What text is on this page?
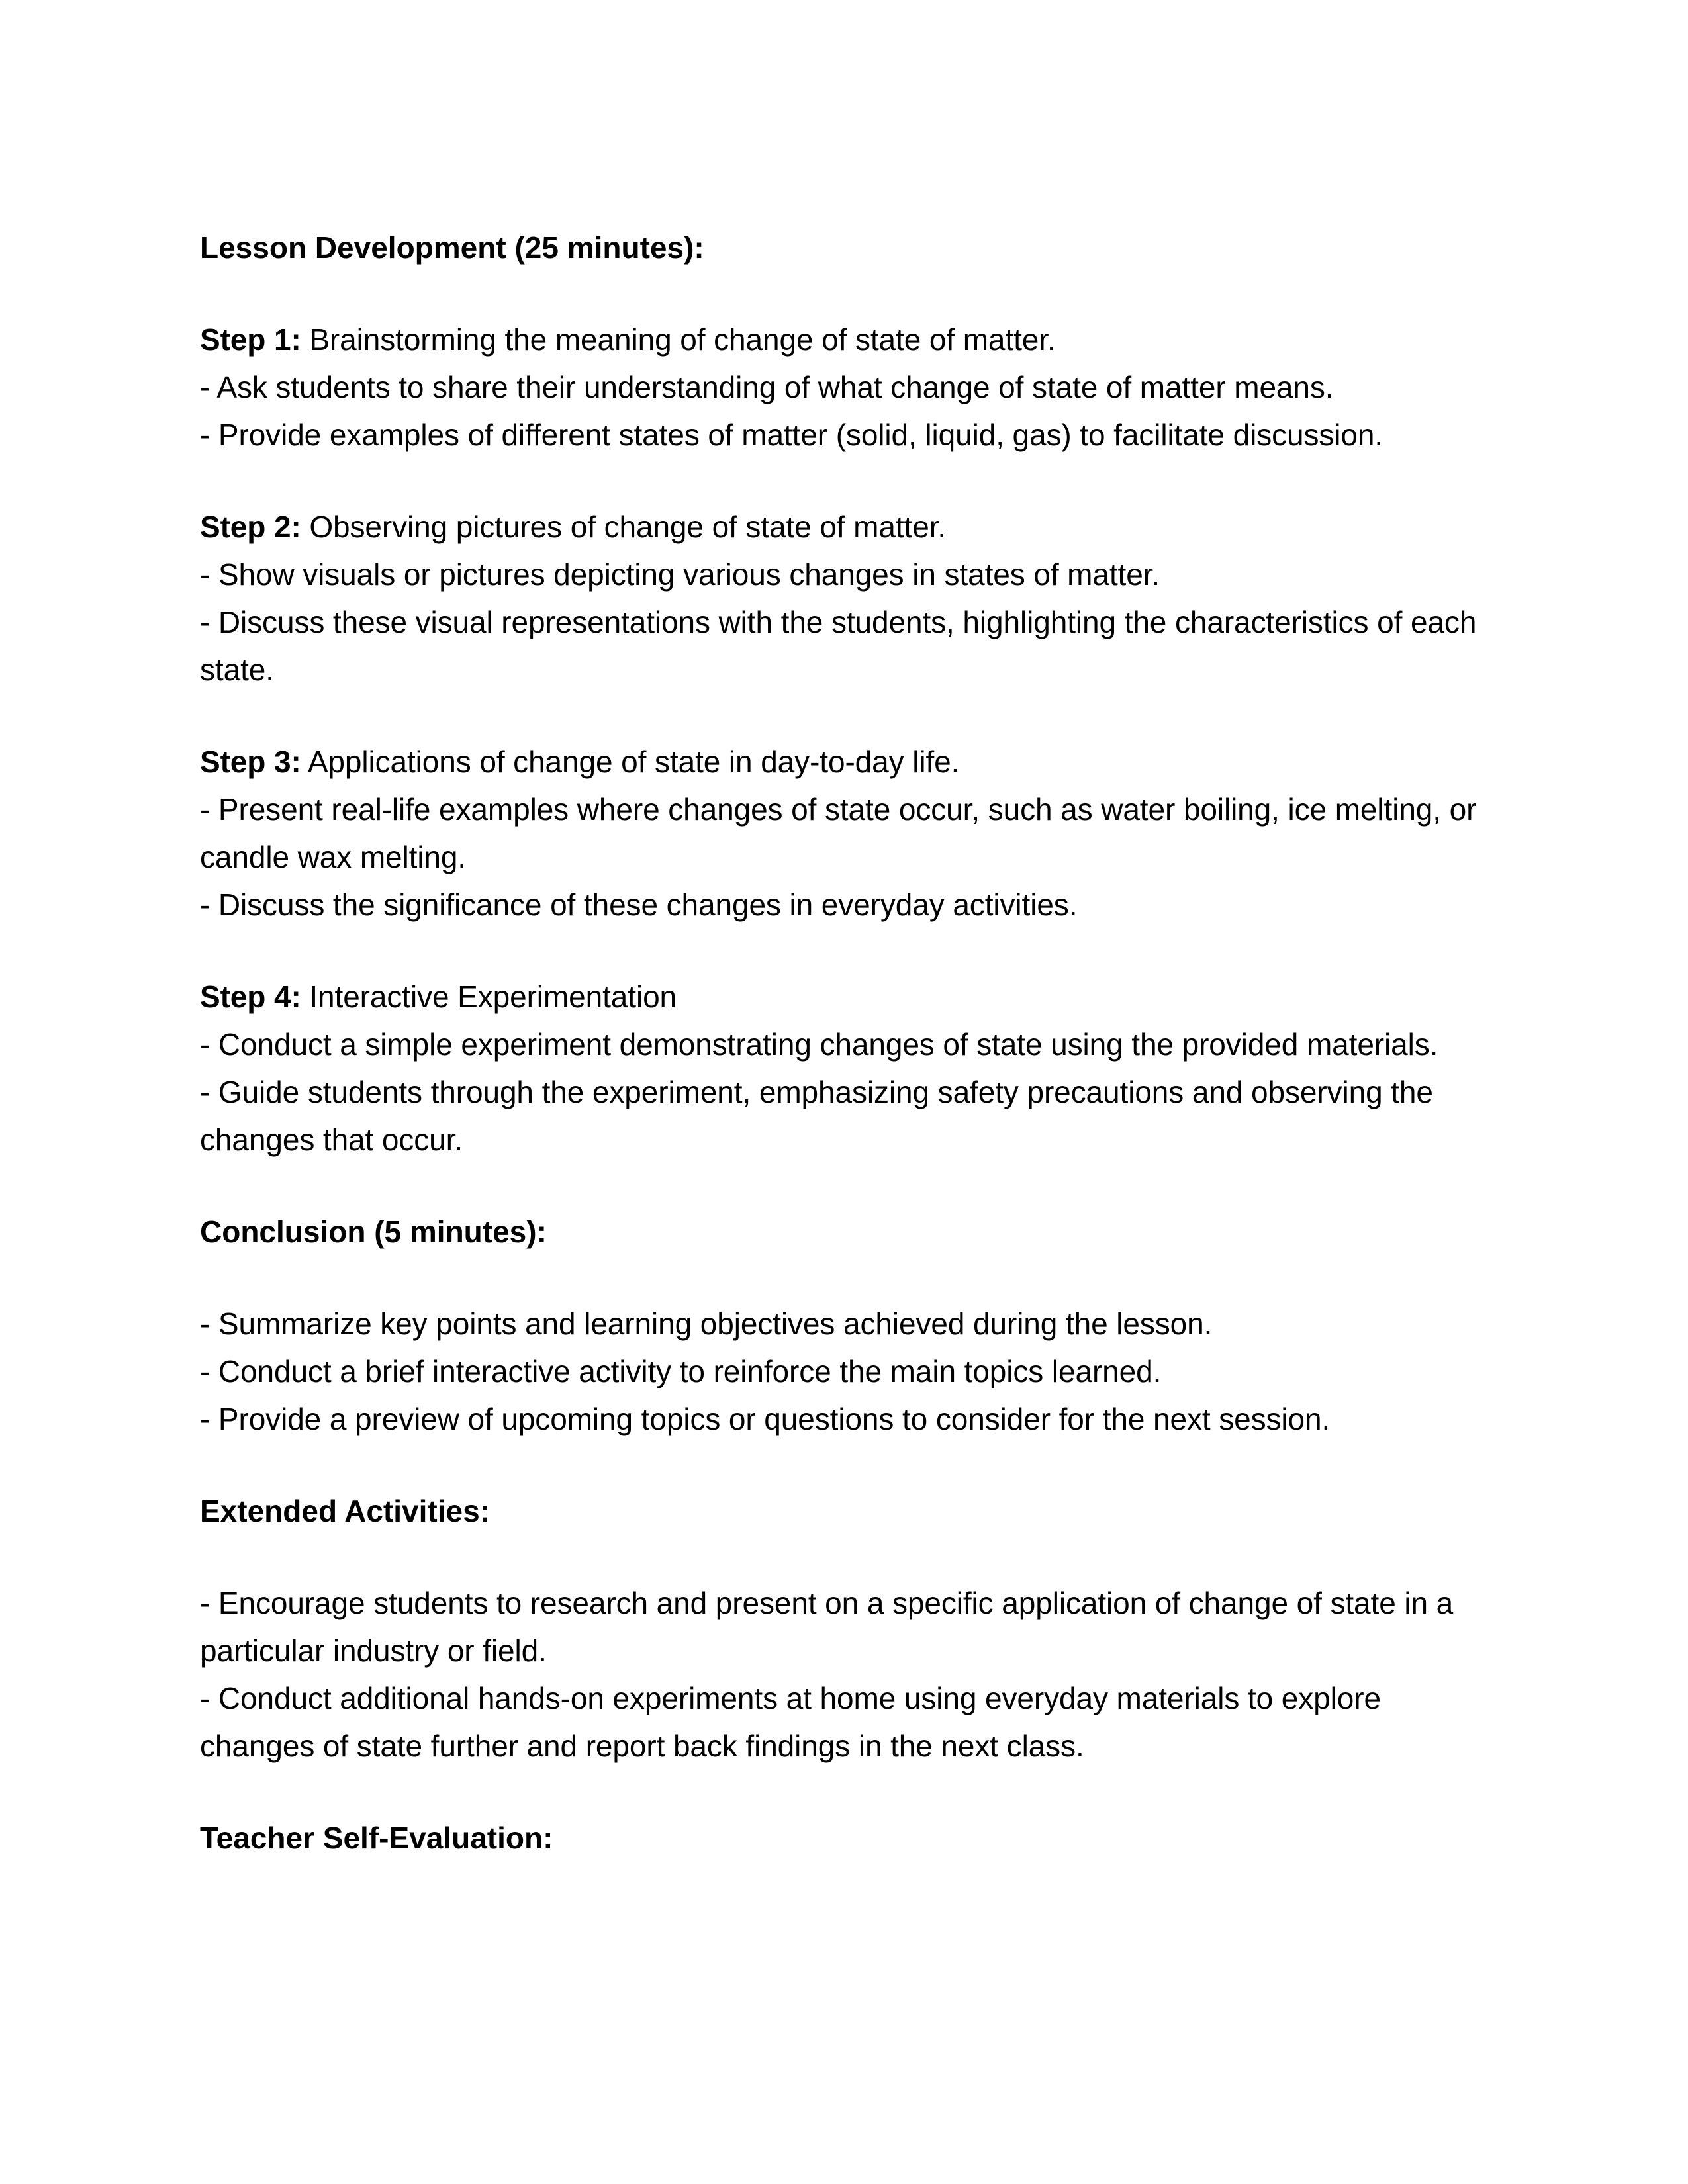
Lesson Development (25 minutes):

Step 1: Brainstorming the meaning of change of state of matter.
- Ask students to share their understanding of what change of state of matter means.
- Provide examples of different states of matter (solid, liquid, gas) to facilitate discussion.

Step 2: Observing pictures of change of state of matter.
- Show visuals or pictures depicting various changes in states of matter.
- Discuss these visual representations with the students, highlighting the characteristics of each state.

Step 3: Applications of change of state in day-to-day life.
- Present real-life examples where changes of state occur, such as water boiling, ice melting, or candle wax melting.
- Discuss the significance of these changes in everyday activities.

Step 4: Interactive Experimentation
- Conduct a simple experiment demonstrating changes of state using the provided materials.
- Guide students through the experiment, emphasizing safety precautions and observing the changes that occur.

Conclusion (5 minutes):

- Summarize key points and learning objectives achieved during the lesson.
- Conduct a brief interactive activity to reinforce the main topics learned.
- Provide a preview of upcoming topics or questions to consider for the next session.

Extended Activities:

- Encourage students to research and present on a specific application of change of state in a particular industry or field.
- Conduct additional hands-on experiments at home using everyday materials to explore changes of state further and report back findings in the next class.

Teacher Self-Evaluation:
